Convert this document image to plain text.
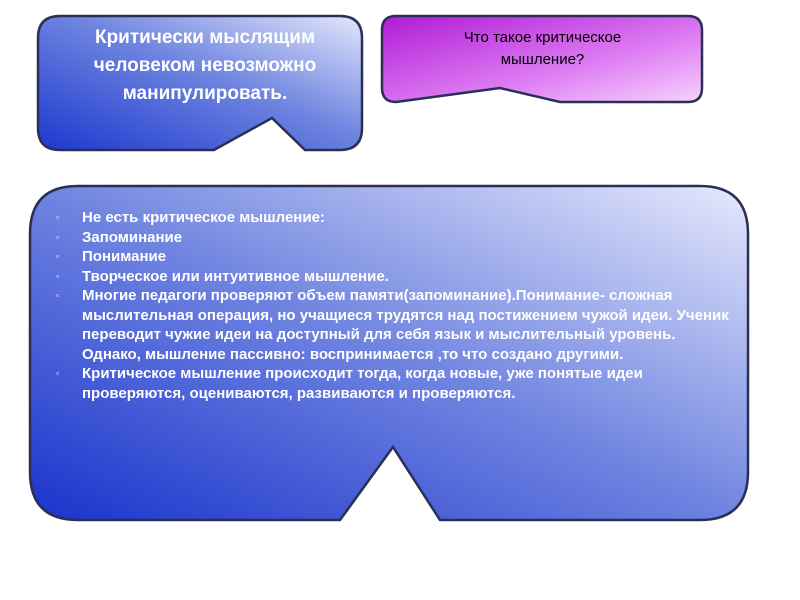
Критически мыслящим
человеком невозможно
манипулировать.
Что такое критическое
мышление?
▫ Не есть критическое мышление:
▫ Запоминание
▫ Понимание
▫ Творческое или интуитивное мышление.
▫ Многие педагоги проверяют объем памяти(запоминание).Понимание- сложная мыслительная операция, но учащиеся трудятся над постижением чужой идеи. Ученик переводит чужие идеи на доступный для себя язык и мыслительный уровень. Однако, мышление пассивно: воспринимается ,то что создано другими.
▫ Критическое мышление происходит тогда, когда новые, уже понятые идеи проверяются, оцениваются, развиваются и проверяются.
